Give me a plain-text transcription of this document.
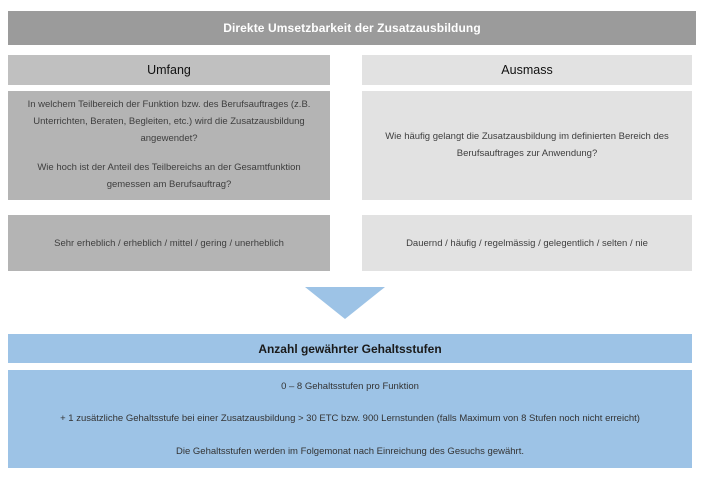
Direkte Umsetzbarkeit der Zusatzausbildung
Umfang	Ausmass

In welchem Teilbereich der Funktion bzw. des Berufsauftrages (z.B. Unterrichten, Beraten, Begleiten, etc.) wird die Zusatzausbildung angewendet?

Wie hoch ist der Anteil des Teilbereichs an der Gesamtfunktion gemessen am Berufsauftrag?

Wie häufig gelangt die Zusatzausbildung im definierten Bereich des Berufsauftrages zur Anwendung?

Sehr erheblich / erheblich / mittel / gering / unerheblich	Dauernd / häufig / regelmässig / gelegentlich / selten / nie
Anzahl gewährter Gehaltsstufen

0 – 8 Gehaltsstufen pro Funktion

+ 1 zusätzliche Gehaltsstufe bei einer Zusatzausbildung > 30 ETC bzw. 900 Lernstunden (falls Maximum von 8 Stufen noch nicht erreicht)

Die Gehaltsstufen werden im Folgemonat nach Einreichung des Gesuchs gewährt.
